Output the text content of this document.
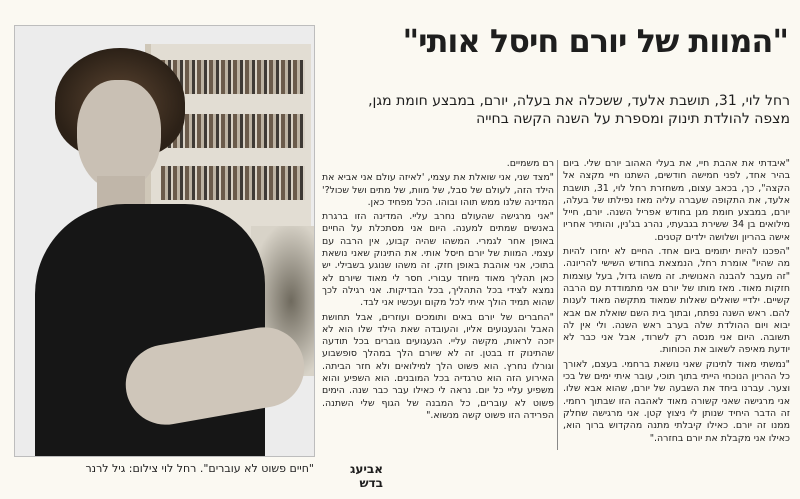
"חיים פשוט לא עוברים". רחל לוי צילום: גיל לרנר	אביעג בדש
"המוות של יורם חיסל אותי"
רחל לוי, 31, תושבת אלעד, ששכלה את בעלה, יורם, במבצע חומת מגן, מצפה להולדת תינוק ומספרת על השנה הקשה בחייה

"איבדתי את אהבת חיי, את בעלי האהוב יורם שלי. ביום בהיר אחד, לפני חמישה חודשים, השתנו חיי מקצה אל הקצה", כך, בכאב עצום, משחזרת רחל לוי, 31, תושבת אלעד, את התקופה שעברה עליה מאז נפילתו של בעלה, יורם, במבצע חומת מגן בחודש אפריל השנה. יורם, חייל מילואים בן 34 ששירת בגבעתי, נהרג בג'נין, והותיר אחריו אישה בהריון ושלושה ילדים קטנים.

"הפכנו להיות יתומים ביום אחד. החיים לא יחזרו להיות מה שהיו" אומרת רחל, הנמצאת בחודש השישי להריונה. "זה מעבר להבנה האנושית. זה משהו גדול, בעל עוצמות חזקות מאוד. מאז מותו של יורם אני מתמודדת עם הרבה קשיים. ילדיי שואלים שאלות שמאוד מתקשה מאוד לענות להם. ראש השנה נפתח, ובתוך בית השם שואלת אם אבא יבוא ויום ההולדת שלה בערב ראש השנה. ולי אין לה תשובה. היום אני מנסה רק לשרוד, אבל אני כבר לא יודעת מאיפה לשאוב את הכוחות.

"נמשתי מאוד לתינוק שאני נושאת ברחמי. בעצם, לאורך כל ההריון הנוכחי הייתי בתוך תוכי, עובר איתי ימים של בכי וצער. עברנו ביחד את השבעה של יורם, שהוא אבא שלו. אני מרגישה שאני קשורה מאוד לאהבה הזו שבתוך רחמי. זה הדבר היחיד שנותן לי ניצוץ קטן. אני מרגישה שחלק ממנו זה יורם. כאילו קיבלתי מתנה מהקדוש ברוך הוא, כאילו אני מקבלת את יורם בחזרה."

רם משמיים.

"מצד שני, אני שואלת את עצמי, 'לאיזה עולם אני אביא את הילד הזה, לעולם של סבל, של מוות, של מתים ושל שכול?' המדינה שלנו ממש תוהו ובוהו. הכל מפחיד כאן.

"אני מרגישה שהעולם נחרב עליי. המדינה הזו ברגרת באנשים שמתים למענה. היום אני מסתכלת על החיים באופן אחר לגמרי. המשהו שהיה קבוע, אין הרבה עם עצמי. המוות של יורם חיסל אותי. את התינוק שאני נושאת בתוכי, אני אוהבת באופן חזק. זה משהו שנוגע בשבילי. יש כאן תהליך מאוד מיוחד עבורי. חסר לי מאוד שיורם לא נמצא לצידי בכל התהליך, בכל הבדיקות. אני רגילה לכך שהוא תמיד הולך איתי לכל מקום ועכשיו אני לבד.

"החברים של יורם באים ותומכים ועוזרים, אבל תחושת האבל והגעגועים אליו, והעובדה שאת הילד שלו הוא לא יזכה לראות, מקשה עליי. הגעגועים גוברים בכל תודעה שהתינוק זז בבטן. זה לא שיורם הלך במהלך סופשבוע וגורלו נחרץ. הוא פשוט הלך למילואים ולא חזר הביתה. האירוע הזה הוא טרגדיה בכל המובנים. הוא השפיע והוא משפיע עליי כל יום. נראה לי כאילו עבר כבר שנה. הימים פשוט לא עוברים, כל המבנה של הגוף שלי השתנה. הפרידה הזו פשוט קשה מנשוא."
